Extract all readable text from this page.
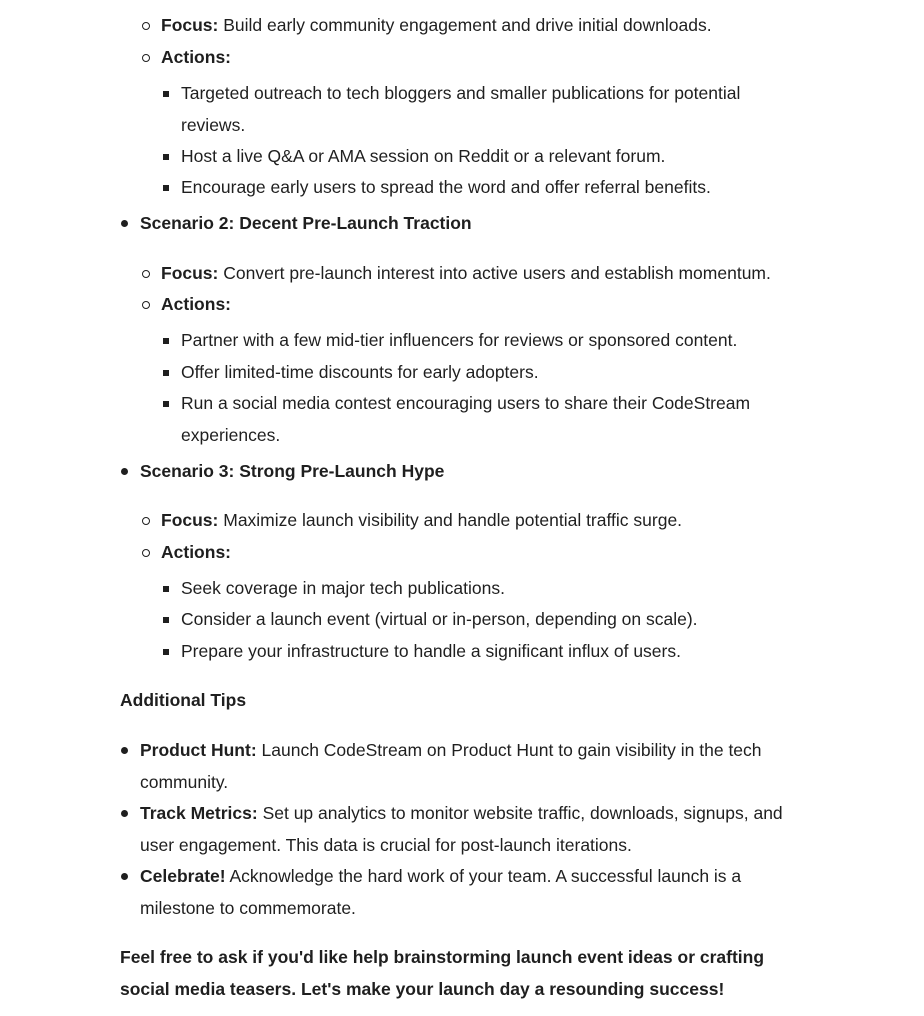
Focus: Build early community engagement and drive initial downloads.
Actions:
Targeted outreach to tech bloggers and smaller publications for potential reviews.
Host a live Q&A or AMA session on Reddit or a relevant forum.
Encourage early users to spread the word and offer referral benefits.
Scenario 2: Decent Pre-Launch Traction
Focus: Convert pre-launch interest into active users and establish momentum.
Actions:
Partner with a few mid-tier influencers for reviews or sponsored content.
Offer limited-time discounts for early adopters.
Run a social media contest encouraging users to share their CodeStream experiences.
Scenario 3: Strong Pre-Launch Hype
Focus: Maximize launch visibility and handle potential traffic surge.
Actions:
Seek coverage in major tech publications.
Consider a launch event (virtual or in-person, depending on scale).
Prepare your infrastructure to handle a significant influx of users.
Additional Tips
Product Hunt: Launch CodeStream on Product Hunt to gain visibility in the tech community.
Track Metrics: Set up analytics to monitor website traffic, downloads, signups, and user engagement. This data is crucial for post-launch iterations.
Celebrate! Acknowledge the hard work of your team. A successful launch is a milestone to commemorate.
Feel free to ask if you'd like help brainstorming launch event ideas or crafting social media teasers. Let's make your launch day a resounding success!
